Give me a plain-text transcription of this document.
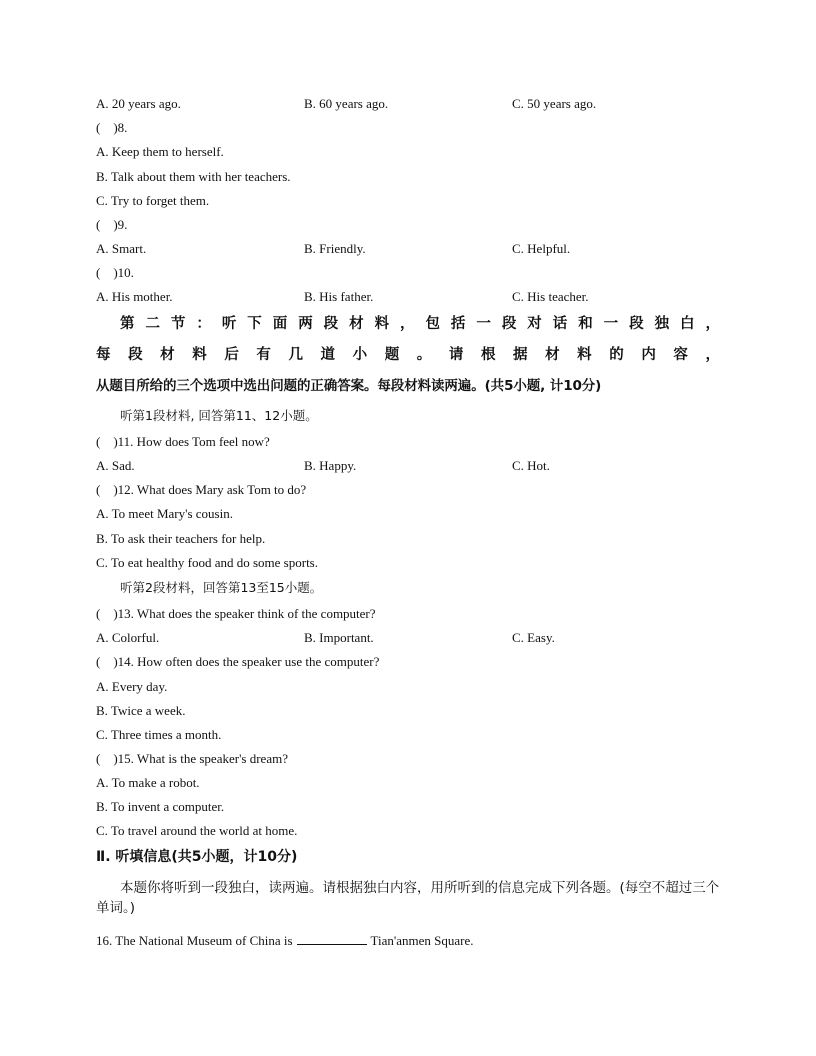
A. 20 years ago.	B. 60 years ago.	C. 50 years ago.
(    )8.
A. Keep them to herself.
B. Talk about them with her teachers.
C. Try to forget them.
(    )9.
A. Smart.	B. Friendly.	C. Helpful.
(    )10.
A. His mother.	B. His father.	C. His teacher.
第 二 节 ： 听 下 面 两 段 材 料 ， 包 括 一 段 对 话 和 一 段 独 白 ，
每 段 材 料 后 有 几 道 小 题 。 请 根 据 材 料 的 内 容 ，
从题目所给的三个选项中选出问题的正确答案。每段材料读两遍。(共5小题, 计10分)
听第1段材料, 回答第11、12小题。
(    )11. How does Tom feel now?
A. Sad.	B. Happy.	C. Hot.
(    )12. What does Mary ask Tom to do?
A. To meet Mary's cousin.
B. To ask their teachers for help.
C. To eat healthy food and do some sports.
听第2段材料，回答第13至15小题。
(    )13. What does the speaker think of the computer?
A. Colorful.	B. Important.	C. Easy.
(    )14. How often does the speaker use the computer?
A. Every day.
B. Twice a week.
C. Three times a month.
(    )15. What is the speaker's dream?
A. To make a robot.
B. To invent a computer.
C. To travel around the world at home.
Ⅱ. 听填信息(共5小题，计10分)
本题你将听到一段独白，读两遍。请根据独白内容，用所听到的信息完成下列各题。(每空不超过三个单词。)
16. The National Museum of China is	Tian'anmen Square.
